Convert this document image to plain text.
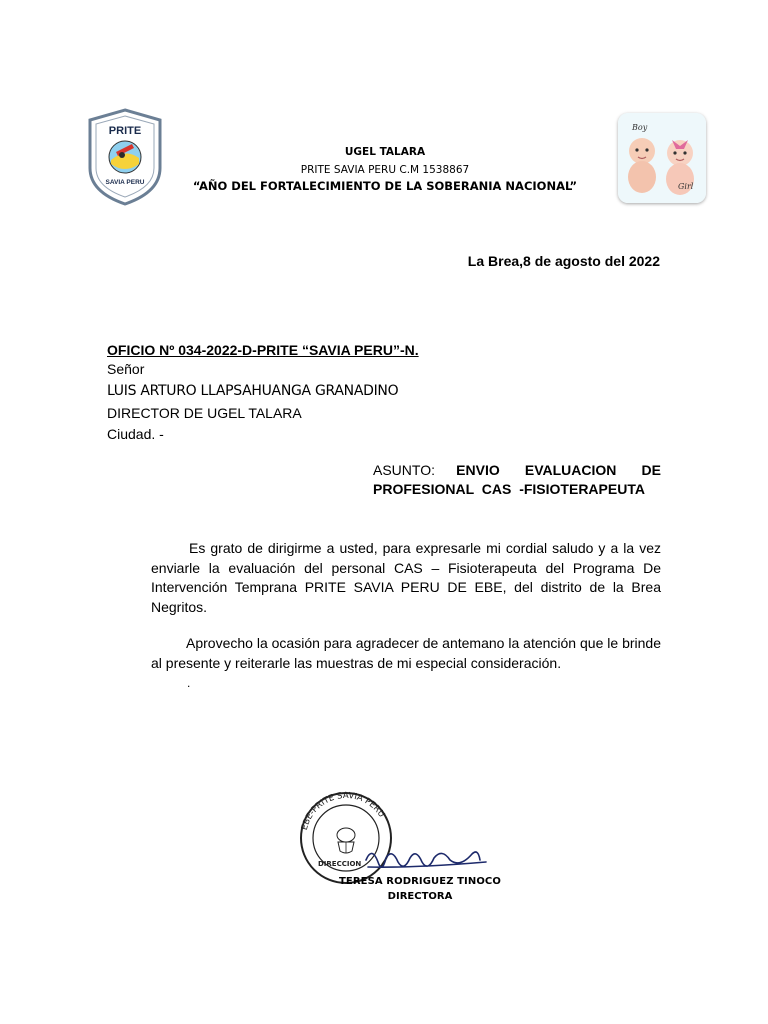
PRITE
SAVIA PERU
UGEL TALARA
PRITE SAVIA PERU C.M 1538867
“AÑO DEL FORTALECIMIENTO DE LA SOBERANIA NACIONAL”
Boy
Girl
La Brea,8 de agosto del 2022
OFICIO Nº 034-2022-D-PRITE “SAVIA PERU”-N.
Señor
LUIS ARTURO LLAPSAHUANGA GRANADINO
DIRECTOR DE UGEL TALARA
Ciudad. -
ASUNTO: ENVIO EVALUACION DE PROFESIONAL CAS -FISIOTERAPEUTA
Es grato de dirigirme a usted, para expresarle mi cordial saludo y a la vez enviarle la evaluación del personal CAS – Fisioterapeuta del Programa De Intervención Temprana PRITE SAVIA PERU DE EBE, del distrito de la Brea Negritos.
Aprovecho la ocasión para agradecer de antemano la atención que le brinde al presente y reiterarle las muestras de mi especial consideración.
.
EBE-PRITE SAVIA PERU
DIRECCION
TERESA RODRIGUEZ TINOCO
DIRECTORA
